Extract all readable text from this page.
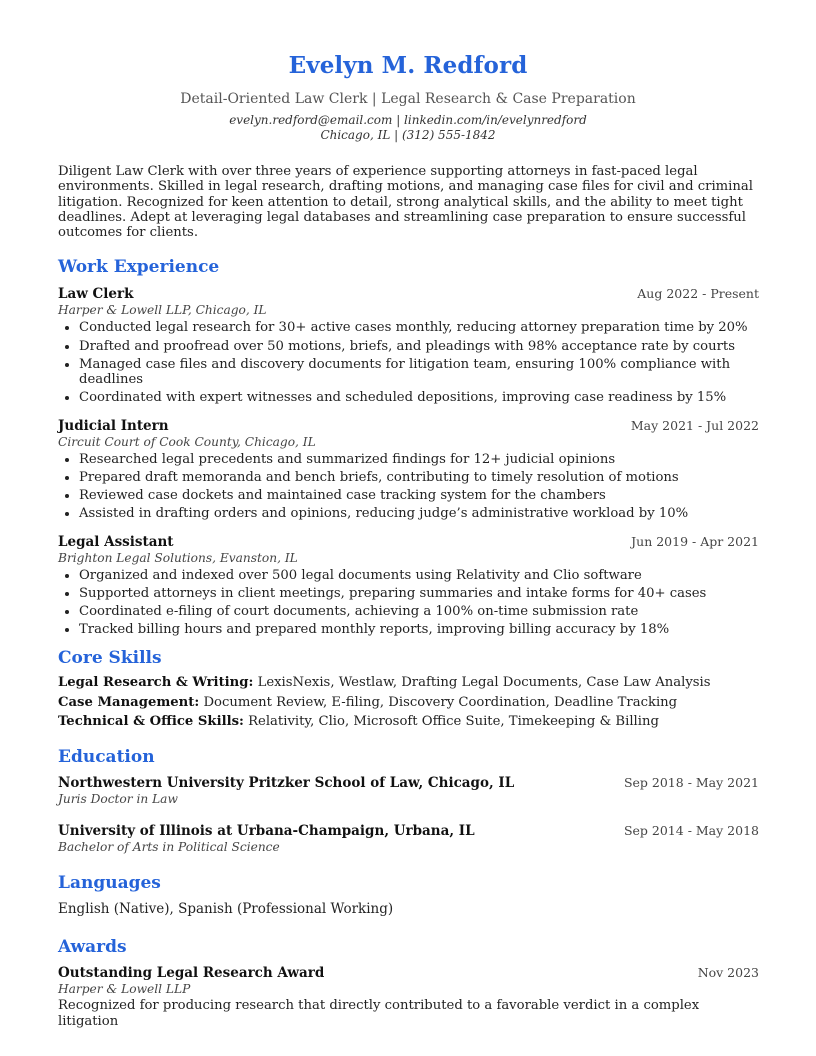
Evelyn M. Redford
Detail-Oriented Law Clerk | Legal Research & Case Preparation
evelyn.redford@email.com | linkedin.com/in/evelynredford
Chicago, IL | (312) 555-1842
Diligent Law Clerk with over three years of experience supporting attorneys in fast-paced legal environments. Skilled in legal research, drafting motions, and managing case files for civil and criminal litigation. Recognized for keen attention to detail, strong analytical skills, and the ability to meet tight deadlines. Adept at leveraging legal databases and streamlining case preparation to ensure successful outcomes for clients.
Work Experience
Law Clerk	Aug 2022 - Present
Harper & Lowell LLP, Chicago, IL
• Conducted legal research for 30+ active cases monthly, reducing attorney preparation time by 20%
• Drafted and proofread over 50 motions, briefs, and pleadings with 98% acceptance rate by courts
• Managed case files and discovery documents for litigation team, ensuring 100% compliance with deadlines
• Coordinated with expert witnesses and scheduled depositions, improving case readiness by 15%
Judicial Intern	May 2021 - Jul 2022
Circuit Court of Cook County, Chicago, IL
• Researched legal precedents and summarized findings for 12+ judicial opinions
• Prepared draft memoranda and bench briefs, contributing to timely resolution of motions
• Reviewed case dockets and maintained case tracking system for the chambers
• Assisted in drafting orders and opinions, reducing judge’s administrative workload by 10%
Legal Assistant	Jun 2019 - Apr 2021
Brighton Legal Solutions, Evanston, IL
• Organized and indexed over 500 legal documents using Relativity and Clio software
• Supported attorneys in client meetings, preparing summaries and intake forms for 40+ cases
• Coordinated e-filing of court documents, achieving a 100% on-time submission rate
• Tracked billing hours and prepared monthly reports, improving billing accuracy by 18%
Core Skills
Legal Research & Writing: LexisNexis, Westlaw, Drafting Legal Documents, Case Law Analysis
Case Management: Document Review, E-filing, Discovery Coordination, Deadline Tracking
Technical & Office Skills: Relativity, Clio, Microsoft Office Suite, Timekeeping & Billing
Education
Northwestern University Pritzker School of Law, Chicago, IL	Sep 2018 - May 2021
Juris Doctor in Law
University of Illinois at Urbana-Champaign, Urbana, IL	Sep 2014 - May 2018
Bachelor of Arts in Political Science
Languages
English (Native), Spanish (Professional Working)
Awards
Outstanding Legal Research Award	Nov 2023
Harper & Lowell LLP
Recognized for producing research that directly contributed to a favorable verdict in a complex litigation
